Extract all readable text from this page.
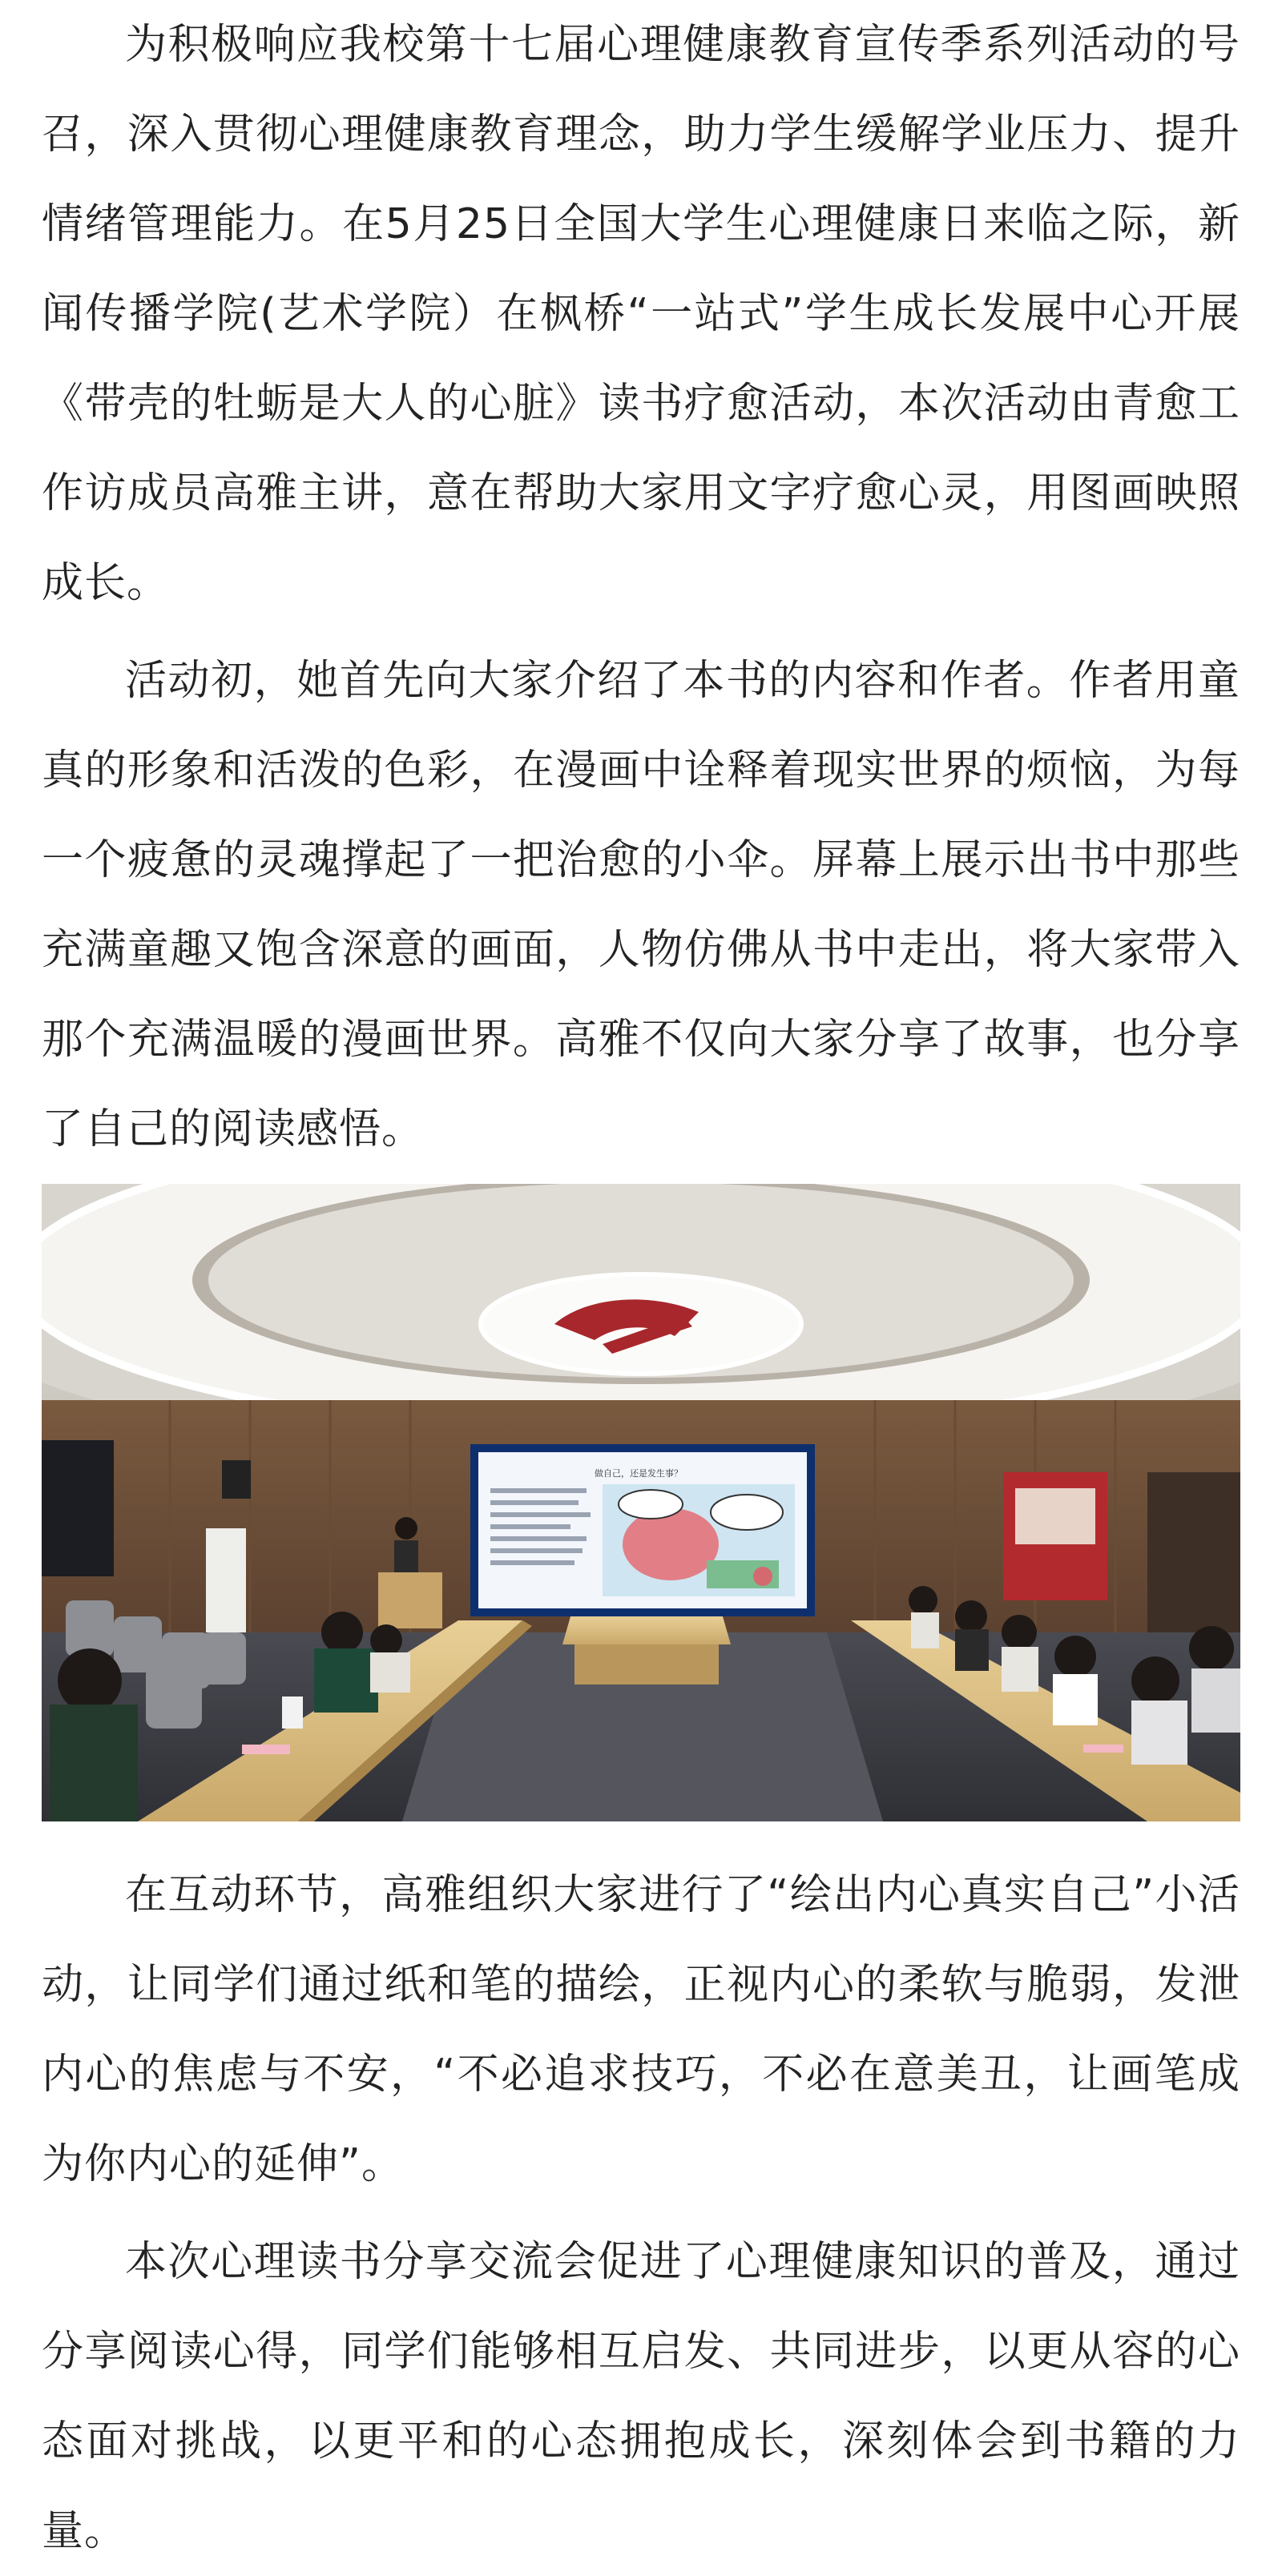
为积极响应我校第十七届心理健康教育宣传季系列活动的号召，深入贯彻心理健康教育理念，助力学生缓解学业压力、提升情绪管理能力。在5月25日全国大学生心理健康日来临之际，新闻传播学院(艺术学院）在枫桥“一站式”学生成长发展中心开展《带壳的牡蛎是大人的心脏》读书疗愈活动，本次活动由青愈工作访成员高雅主讲，意在帮助大家用文字疗愈心灵，用图画映照成长。

活动初，她首先向大家介绍了本书的内容和作者。作者用童真的形象和活泼的色彩，在漫画中诠释着现实世界的烦恼，为每一个疲惫的灵魂撑起了一把治愈的小伞。屏幕上展示出书中那些充满童趣又饱含深意的画面，人物仿佛从书中走出，将大家带入那个充满温暖的漫画世界。高雅不仅向大家分享了故事，也分享了自己的阅读感悟。

做自己，还是发生事？

在互动环节，高雅组织大家进行了“绘出内心真实自己”小活动，让同学们通过纸和笔的描绘，正视内心的柔软与脆弱，发泄内心的焦虑与不安，“不必追求技巧，不必在意美丑，让画笔成为你内心的延伸”。

本次心理读书分享交流会促进了心理健康知识的普及，通过分享阅读心得，同学们能够相互启发、共同进步，以更从容的心态面对挑战，以更平和的心态拥抱成长，深刻体会到书籍的力量。
